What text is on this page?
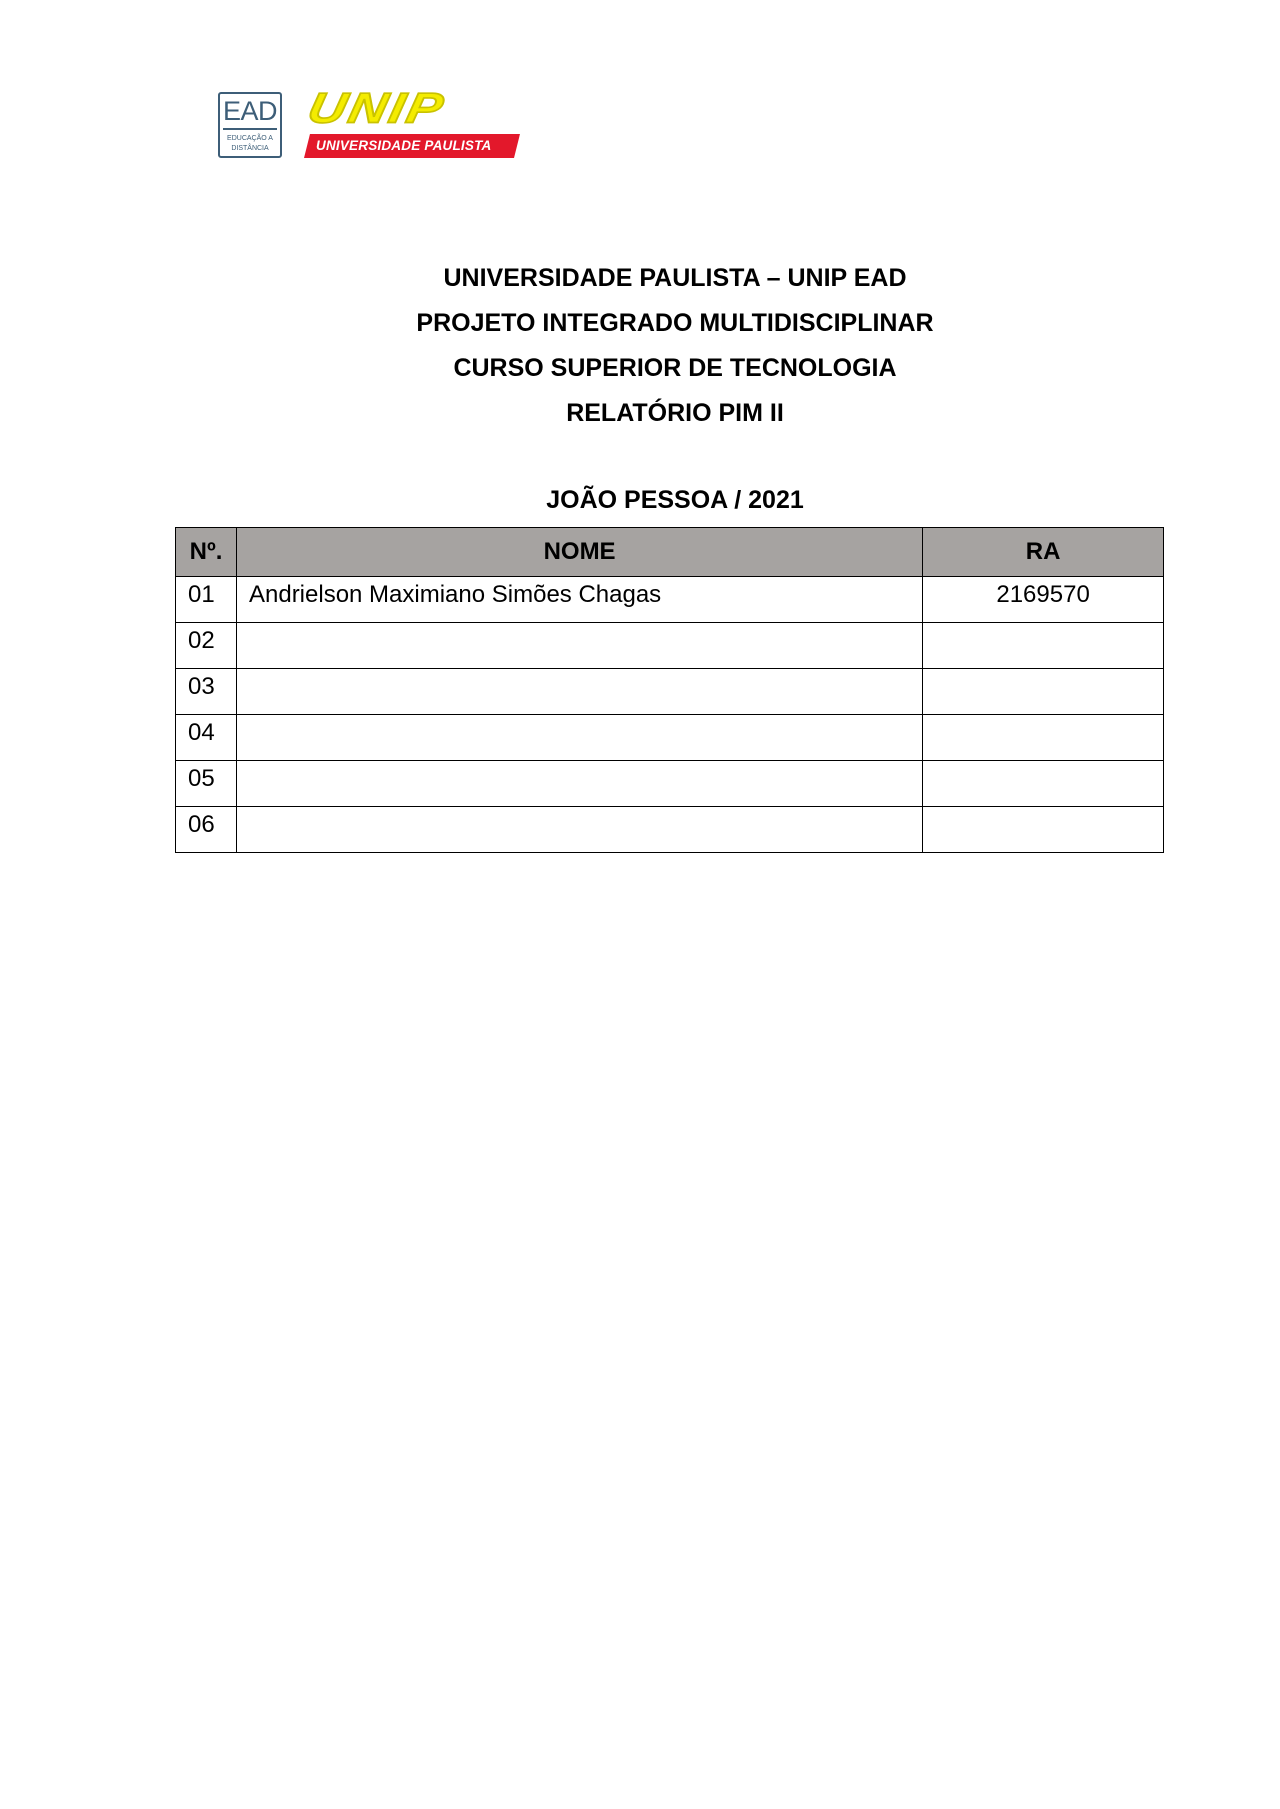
EAD
EDUCAÇÃO A
DISTÂNCIA
UNIP
UNIVERSIDADE PAULISTA
UNIVERSIDADE PAULISTA – UNIP EAD
PROJETO INTEGRADO MULTIDISCIPLINAR
CURSO SUPERIOR DE TECNOLOGIA
RELATÓRIO PIM II
JOÃO PESSOA / 2021
Nº.	NOME	RA
01	Andrielson Maximiano Simões Chagas	2169570
02		
03		
04		
05		
06		
